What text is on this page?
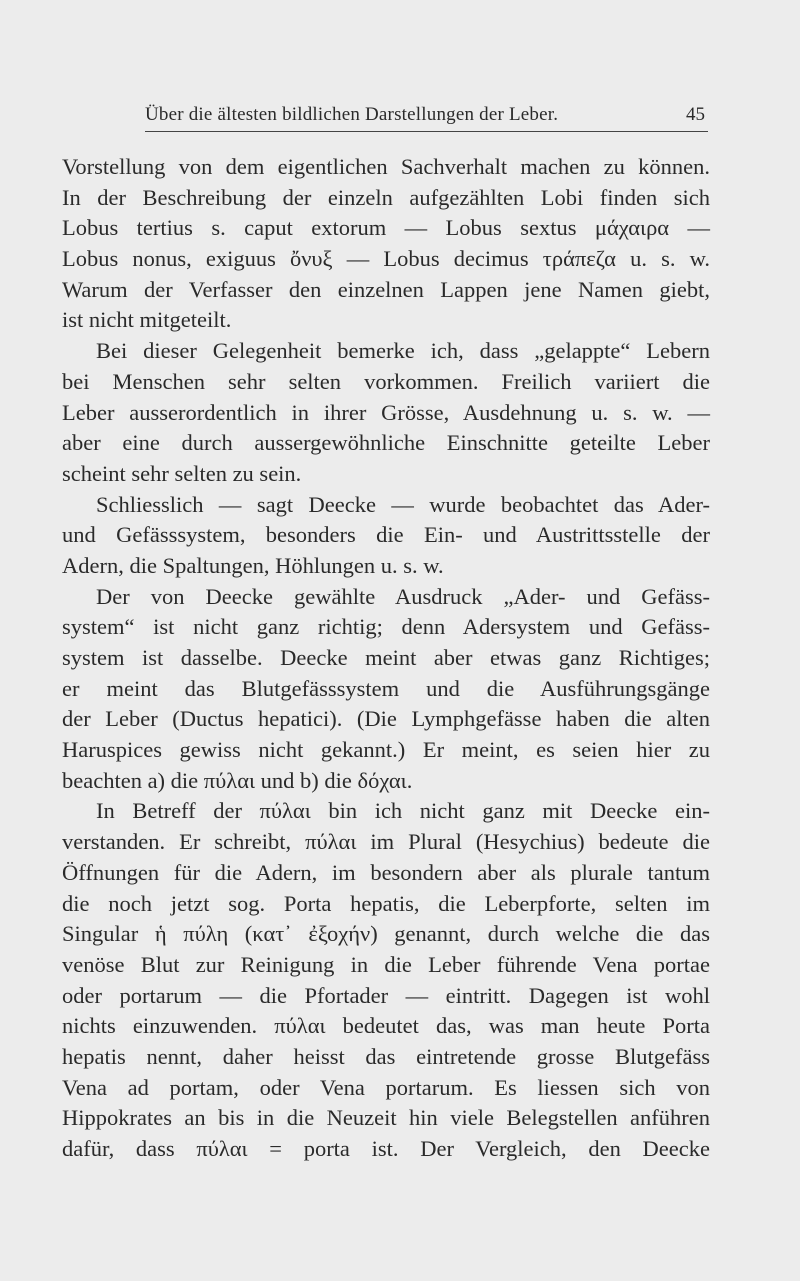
Über die ältesten bildlichen Darstellungen der Leber.	45
Vorstellung von dem eigentlichen Sachverhalt machen zu können.
In der Beschreibung der einzeln aufgezählten Lobi finden sich
Lobus tertius s. caput extorum — Lobus sextus μάχαιρα —
Lobus nonus, exiguus ὄνυξ — Lobus decimus τράπεζα u. s. w.
Warum der Verfasser den einzelnen Lappen jene Namen giebt,
ist nicht mitgeteilt.
Bei dieser Gelegenheit bemerke ich, dass „gelappte“ Lebern
bei Menschen sehr selten vorkommen. Freilich variiert die
Leber ausserordentlich in ihrer Grösse, Ausdehnung u. s. w. —
aber eine durch aussergewöhnliche Einschnitte geteilte Leber
scheint sehr selten zu sein.
Schliesslich — sagt Deecke — wurde beobachtet das Ader-
und Gefässsystem, besonders die Ein- und Austrittsstelle der
Adern, die Spaltungen, Höhlungen u. s. w.
Der von Deecke gewählte Ausdruck „Ader- und Gefäss-
system“ ist nicht ganz richtig; denn Adersystem und Gefäss-
system ist dasselbe. Deecke meint aber etwas ganz Richtiges;
er meint das Blutgefässsystem und die Ausführungsgänge
der Leber (Ductus hepatici). (Die Lymphgefässe haben die alten
Haruspices gewiss nicht gekannt.) Er meint, es seien hier zu
beachten a) die πύλαι und b) die δόχαι.
In Betreff der πύλαι bin ich nicht ganz mit Deecke ein-
verstanden. Er schreibt, πύλαι im Plural (Hesychius) bedeute die
Öffnungen für die Adern, im besondern aber als plurale tantum
die noch jetzt sog. Porta hepatis, die Leberpforte, selten im
Singular ἡ πύλη (κατ᾽ ἐξοχήν) genannt, durch welche die das
venöse Blut zur Reinigung in die Leber führende Vena portae
oder portarum — die Pfortader — eintritt. Dagegen ist wohl
nichts einzuwenden. πύλαι bedeutet das, was man heute Porta
hepatis nennt, daher heisst das eintretende grosse Blutgefäss
Vena ad portam, oder Vena portarum. Es liessen sich von
Hippokrates an bis in die Neuzeit hin viele Belegstellen anführen
dafür, dass πύλαι = porta ist. Der Vergleich, den Deecke
